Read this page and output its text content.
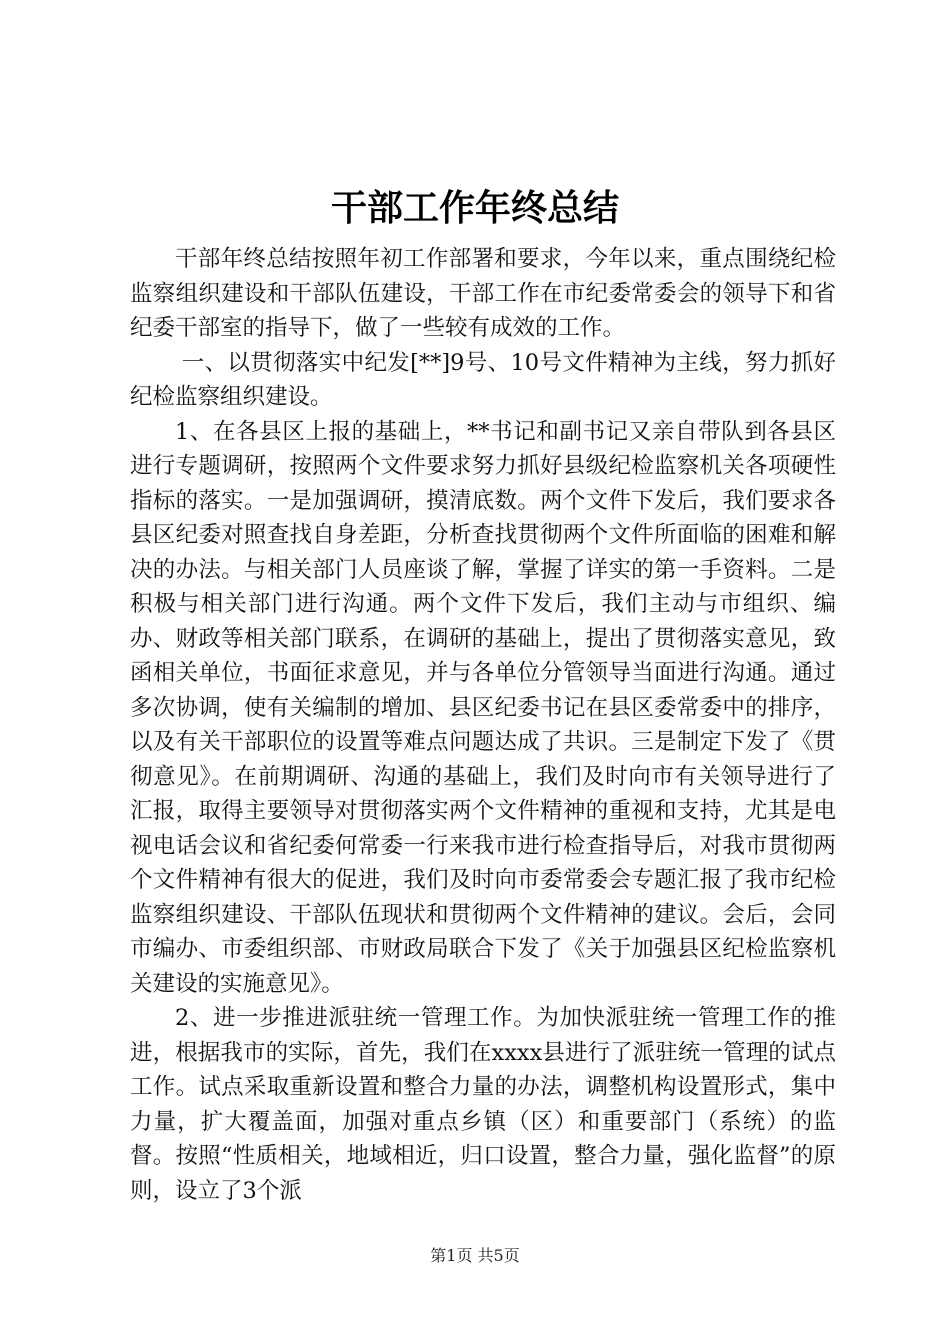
干部工作年终总结

干部年终总结按照年初工作部署和要求，今年以来，重点围绕纪检监察组织建设和干部队伍建设，干部工作在市纪委常委会的领导下和省纪委干部室的指导下，做了一些较有成效的工作。

一、以贯彻落实中纪发[**]9号、10号文件精神为主线，努力抓好纪检监察组织建设。

1、在各县区上报的基础上，**书记和副书记又亲自带队到各县区进行专题调研，按照两个文件要求努力抓好县级纪检监察机关各项硬性指标的落实。一是加强调研，摸清底数。两个文件下发后，我们要求各县区纪委对照查找自身差距，分析查找贯彻两个文件所面临的困难和解决的办法。与相关部门人员座谈了解，掌握了详实的第一手资料。二是积极与相关部门进行沟通。两个文件下发后，我们主动与市组织、编办、财政等相关部门联系，在调研的基础上，提出了贯彻落实意见，致函相关单位，书面征求意见，并与各单位分管领导当面进行沟通。通过多次协调，使有关编制的增加、县区纪委书记在县区委常委中的排序，以及有关干部职位的设置等难点问题达成了共识。三是制定下发了《贯彻意见》。在前期调研、沟通的基础上，我们及时向市有关领导进行了汇报，取得主要领导对贯彻落实两个文件精神的重视和支持，尤其是电视电话会议和省纪委何常委一行来我市进行检查指导后，对我市贯彻两个文件精神有很大的促进，我们及时向市委常委会专题汇报了我市纪检监察组织建设、干部队伍现状和贯彻两个文件精神的建议。会后，会同市编办、市委组织部、市财政局联合下发了《关于加强县区纪检监察机关建设的实施意见》。

2、进一步推进派驻统一管理工作。为加快派驻统一管理工作的推进，根据我市的实际，首先，我们在xxxx县进行了派驻统一管理的试点工作。试点采取重新设置和整合力量的办法，调整机构设置形式，集中力量，扩大覆盖面，加强对重点乡镇（区）和重要部门（系统）的监督。按照“性质相关，地域相近，归口设置，整合力量，强化监督”的原则，设立了3个派

第1页 共5页
